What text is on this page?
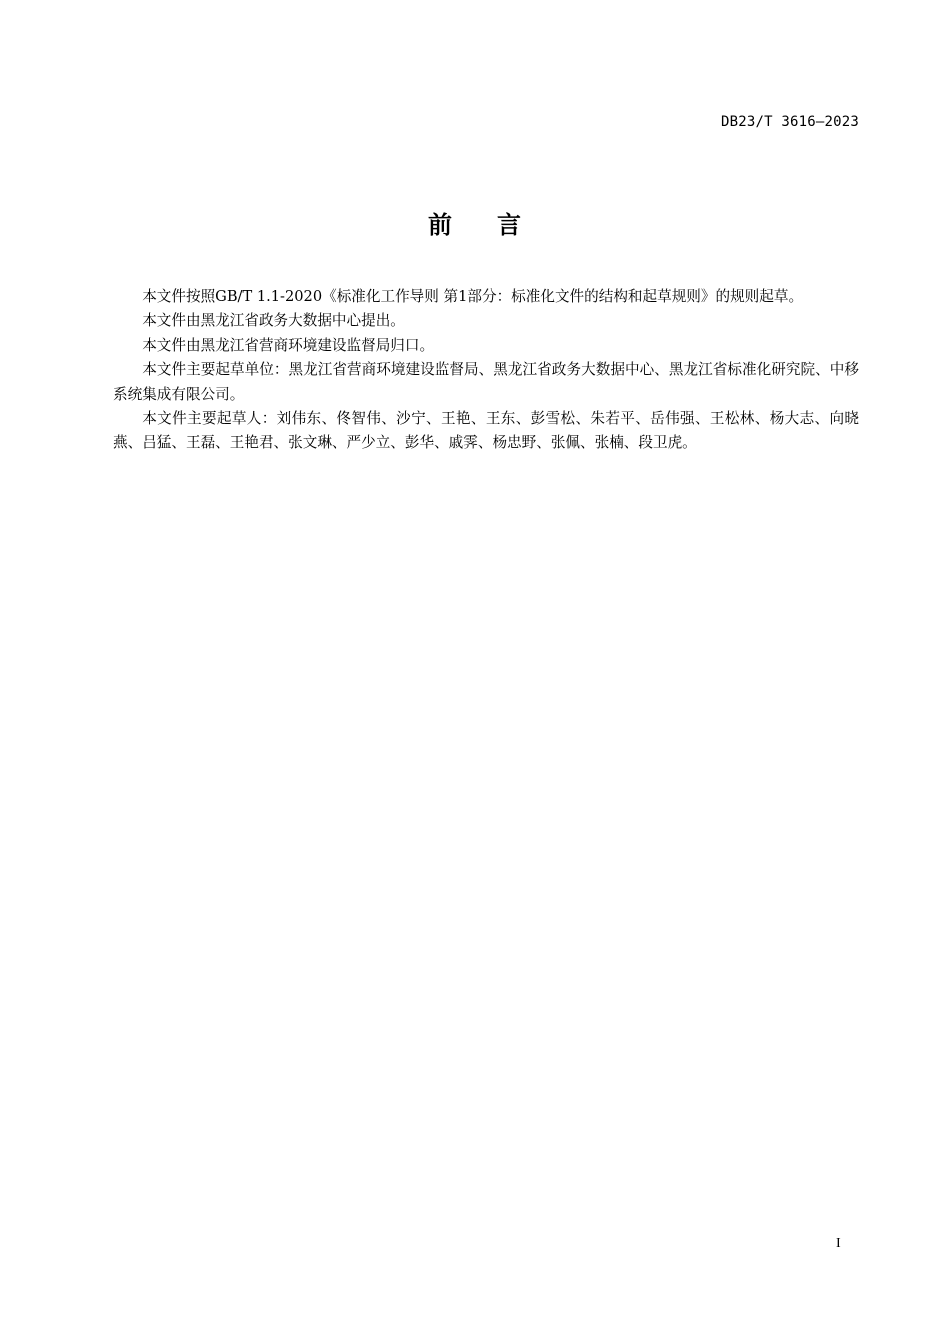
DB23/T 3616—2023
前 言

本文件按照GB/T 1.1-2020《标准化工作导则 第1部分：标准化文件的结构和起草规则》的规则起草。

本文件由黑龙江省政务大数据中心提出。

本文件由黑龙江省营商环境建设监督局归口。

本文件主要起草单位：黑龙江省营商环境建设监督局、黑龙江省政务大数据中心、黑龙江省标准化研究院、中移系统集成有限公司。

本文件主要起草人：刘伟东、佟智伟、沙宁、王艳、王东、彭雪松、朱若平、岳伟强、王松林、杨大志、向晓燕、吕猛、王磊、王艳君、张文琳、严少立、彭华、戚霁、杨忠野、张佩、张楠、段卫虎。

I
